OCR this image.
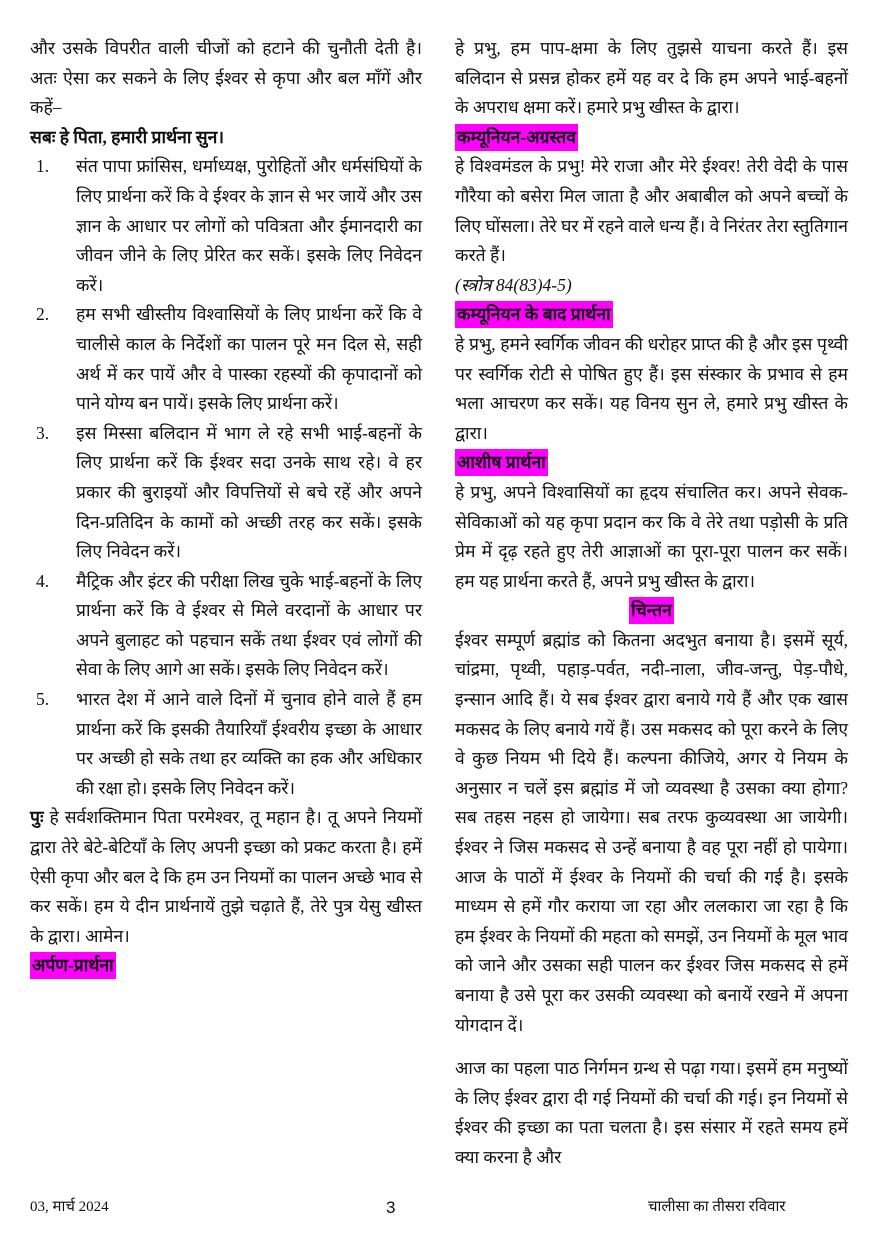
और उसके विपरीत वाली चीजों को हटाने की चुनौती देती है। अतः ऐसा कर सकने के लिए ईश्वर से कृपा और बल माँगें और कहें–

सबः हे पिता, हमारी प्रार्थना सुन।

1.	संत पापा फ्रांसिस, धर्माध्यक्ष, पुरोहितों और धर्मसंघियों के लिए प्रार्थना करें कि वे ईश्वर के ज्ञान से भर जायें और उस ज्ञान के आधार पर लोगों को पवित्रता और ईमानदारी का जीवन जीने के लिए प्रेरित कर सकें। इसके लिए निवेदन करें।
2.	हम सभी खीस्तीय विश्वासियों के लिए प्रार्थना करें कि वे चालीसे काल के निर्देशों का पालन पूरे मन दिल से, सही अर्थ में कर पायें और वे पास्का रहस्यों की कृपादानों को पाने योग्य बन पायें। इसके लिए प्रार्थना करें।
3.	इस मिस्सा बलिदान में भाग ले रहे सभी भाई-बहनों के लिए प्रार्थना करें कि ईश्वर सदा उनके साथ रहे। वे हर प्रकार की बुराइयों और विपत्तियों से बचे रहें और अपने दिन-प्रतिदिन के कामों को अच्छी तरह कर सकें। इसके लिए निवेदन करें।
4.	मैट्रिक और इंटर की परीक्षा लिख चुके भाई-बहनों के लिए प्रार्थना करें कि वे ईश्वर से मिले वरदानों के आधार पर अपने बुलाहट को पहचान सकें तथा ईश्वर एवं लोगों की सेवा के लिए आगे आ सकें। इसके लिए निवेदन करें।
5.	भारत देश में आने वाले दिनों में चुनाव होने वाले हैं हम प्रार्थना करें कि इसकी तैयारियाँ ईश्वरीय इच्छा के आधार पर अच्छी हो सके तथा हर व्यक्ति का हक और अधिकार की रक्षा हो। इसके लिए निवेदन करें।

पुः हे सर्वशक्तिमान पिता परमेश्वर, तू महान है। तू अपने नियमों द्वारा तेरे बेटे-बेटियाँ के लिए अपनी इच्छा को प्रकट करता है। हमें ऐसी कृपा और बल दे कि हम उन नियमों का पालन अच्छे भाव से कर सकें। हम ये दीन प्रार्थनायें तुझे चढ़ाते हैं, तेरे पुत्र येसु खीस्त के द्वारा। आमेन।

अर्पण-प्रार्थना

हे प्रभु, हम पाप-क्षमा के लिए तुझसे याचना करते हैं। इस बलिदान से प्रसन्न होकर हमें यह वर दे कि हम अपने भाई-बहनों के अपराध क्षमा करें। हमारे प्रभु खीस्त के द्वारा।

कम्यूनियन-अग्रस्तव

हे विश्वमंडल के प्रभु! मेरे राजा और मेरे ईश्वर! तेरी वेदी के पास गौरैया को बसेरा मिल जाता है और अबाबील को अपने बच्चों के लिए घोंसला। तेरे घर में रहने वाले धन्य हैं। वे निरंतर तेरा स्तुतिगान करते हैं।

(स्त्रोत्र 84(83)4-5)

कम्यूनियन के बाद प्रार्थना

हे प्रभु, हमने स्वर्गिक जीवन की धरोहर प्राप्त की है और इस पृथ्वी पर स्वर्गिक रोटी से पोषित हुए हैं। इस संस्कार के प्रभाव से हम भला आचरण कर सकें। यह विनय सुन ले, हमारे प्रभु खीस्त के द्वारा।

आशीष प्रार्थना

हे प्रभु, अपने विश्वासियों का हृदय संचालित कर। अपने सेवक-सेविकाओं को यह कृपा प्रदान कर कि वे तेरे तथा पड़ोसी के प्रति प्रेम में दृढ़ रहते हुए तेरी आज्ञाओं का पूरा-पूरा पालन कर सकें। हम यह प्रार्थना करते हैं, अपने प्रभु खीस्त के द्वारा।

चिन्तन

ईश्वर सम्पूर्ण ब्रह्मांड को कितना अदभुत बनाया है। इसमें सूर्य, चांद्रमा, पृथ्वी, पहाड़-पर्वत, नदी-नाला, जीव-जन्तु, पेड़-पौधे, इन्सान आदि हैं। ये सब ईश्वर द्वारा बनाये गये हैं और एक खास मकसद के लिए बनाये गयें हैं। उस मकसद को पूरा करने के लिए वे कुछ नियम भी दिये हैं। कल्पना कीजिये, अगर ये नियम के अनुसार न चलें इस ब्रह्मांड में जो व्यवस्था है उसका क्या होगा? सब तहस नहस हो जायेगा। सब तरफ कुव्यवस्था आ जायेगी। ईश्वर ने जिस मकसद से उन्हें बनाया है वह पूरा नहीं हो पायेगा। आज के पाठों में ईश्वर के नियमों की चर्चा की गई है। इसके माध्यम से हमें गौर कराया जा रहा और ललकारा जा रहा है कि हम ईश्वर के नियमों की महता को समझें, उन नियमों के मूल भाव को जाने और उसका सही पालन कर ईश्वर जिस मकसद से हमें बनाया है उसे पूरा कर उसकी व्यवस्था को बनायें रखने में अपना योगदान दें।

आज का पहला पाठ निर्गमन ग्रन्थ से पढ़ा गया। इसमें हम मनुष्यों के लिए ईश्वर द्वारा दी गई नियमों की चर्चा की गई। इन नियमों से ईश्वर की इच्छा का पता चलता है। इस संसार में रहते समय हमें क्या करना है और

03, मार्च 2024	3	चालीसा का तीसरा रविवार
